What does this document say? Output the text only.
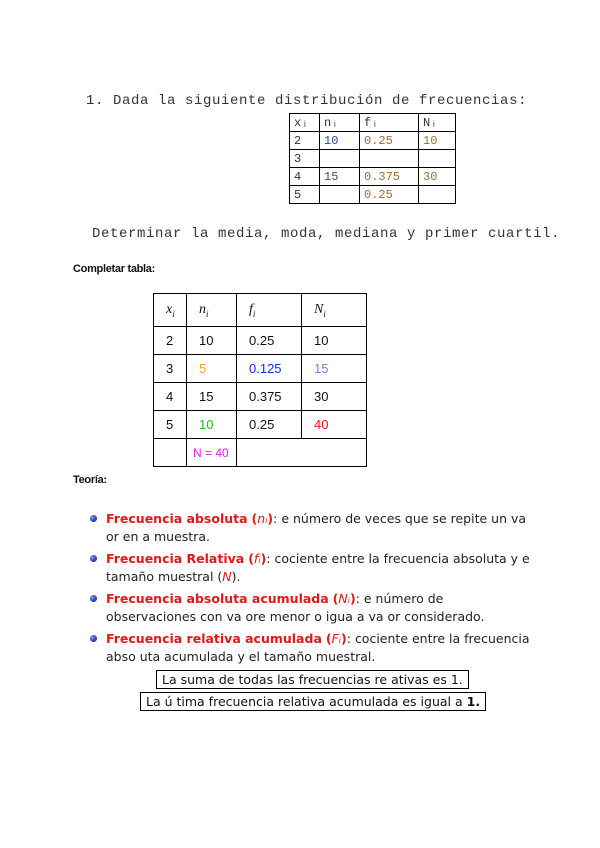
1. Dada la siguiente distribución de frecuencias:
xᵢ	nᵢ	fᵢ	Nᵢ
2	10	0.25	10
3			
4	15	0.375	30
5		0.25	
Determinar la media, moda, mediana y primer cuartil.
Completar tabla:
$x_i$	$n_i$	$f_i$	$N_i$
2	10	0.25	10
3	5	0.125	15
4	15	0.375	30
5	10	0.25	40
	N = 40		
Teoría:
Frecuencia absoluta (nᵢ): e número de veces que se repite un va or en a muestra.
Frecuencia Relativa (fᵢ): cociente entre la frecuencia absoluta y e tamaño muestral (N).
Frecuencia absoluta acumulada (Nᵢ): e número de observaciones con va ore menor o igua a va or considerado.
Frecuencia relativa acumulada (Fᵢ): cociente entre la frecuencia abso uta acumulada y el tamaño muestral.
La suma de todas las frecuencias re ativas es 1.
La ú tima frecuencia relativa acumulada es igual a 1.
